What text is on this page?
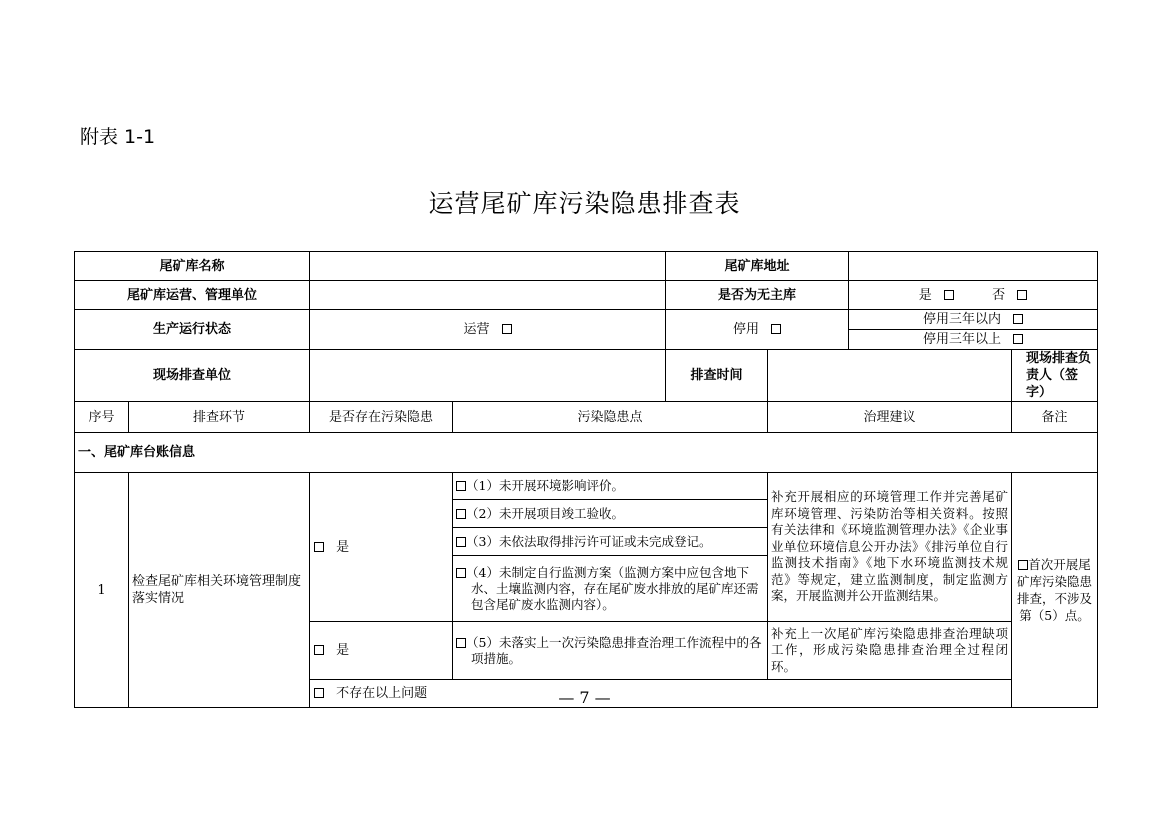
附表 1-1
运营尾矿库污染隐患排查表
尾矿库名称				尾矿库地址			
尾矿库运营、管理单位				是否为无主库		是 否	
生产运行状态		运营		停用		停用三年以内	
						停用三年以上	
现场排查单位				排查时间			现场排查负责人（签字）
序号	排查环节	是否存在污染隐患	污染隐患点		治理建议		备注
一、尾矿库台账信息							
1	检查尾矿库相关环境管理制度落实情况	是	（1）未开展环境影响评价。		补充开展相应的环境管理工作并完善尾矿库环境管理、污染防治等相关资料。按照有关法律和《环境监测管理办法》《企业事业单位环境信息公开办法》《排污单位自行监测技术指南》《地下水环境监测技术规范》等规定，建立监测制度，制定监测方案，开展监测并公开监测结果。		首次开展尾矿库污染隐患排查，不涉及第（5）点。
			（2）未开展项目竣工验收。				
			（3）未依法取得排污许可证或未完成登记。				
			（4）未制定自行监测方案（监测方案中应包含地下水、土壤监测内容，存在尾矿废水排放的尾矿库还需包含尾矿废水监测内容）。				
		是	（5）未落实上一次污染隐患排查治理工作流程中的各项措施。		补充上一次尾矿库污染隐患排查治理缺项工作，形成污染隐患排查治理全过程闭环。		
		不存在以上问题						— 7 —
